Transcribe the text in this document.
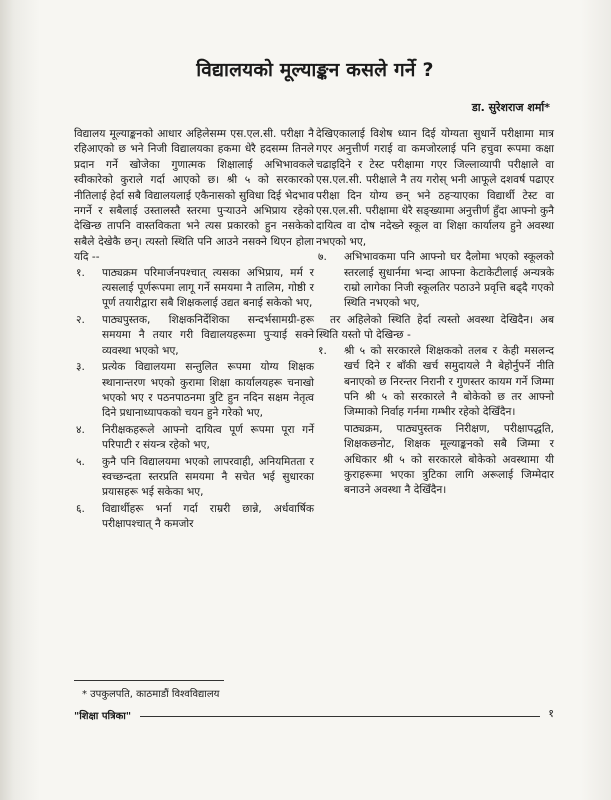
विद्यालयको मूल्याङ्कन कसले गर्ने ?
डा. सुरेशराज शर्मा*

विद्यालय मूल्याङ्कनको आधार अहिलेसम्म एस.एल.सी. परीक्षा नै रहिआएको छ भने निजी विद्यालयका हकमा धेरै हदसम्म तिनले प्रदान गर्ने खोजेका गुणात्मक शिक्षालाई अभिभावकले स्वीकारेको कुराले गर्दा आएको छ। श्री ५ को सरकारको नीतिलाई हेर्दा सबै विद्यालयलाई एकैनासको सुविधा दिई भेदभाव नगर्ने र सबैलाई उस्तालस्तै स्तरमा पुऱ्याउने अभिप्राय रहेको देखिन्छ तापनि वास्तविकता भने त्यस प्रकारको हुन नसकेको सबैले देखेकै छन्। त्यस्तो स्थिति पनि आउने नसक्ने थिएन होला यदि --

१. पाठ्यक्रम परिमार्जनपश्चात् त्यसका अभिप्राय, मर्म र त्यसलाई पूर्णरूपमा लागू गर्ने समयमा नै तालिम, गोष्ठी र पूर्ण तयारीद्वारा सबै शिक्षकलाई उद्यत बनाई सकेको भए,
२. पाठ्यपुस्तक, शिक्षकनिर्देशिका सन्दर्भसामग्री-हरू समयमा नै तयार गरी विद्यालयहरूमा पुऱ्याई सक्ने व्यवस्था भएको भए,
३. प्रत्येक विद्यालयमा सन्तुलित रूपमा योग्य शिक्षक स्थानान्तरण भएको कुरामा शिक्षा कार्यालयहरू चनाखो भएको भए र पठनपाठनमा त्रुटि हुन नदिन सक्षम नेतृत्व दिने प्रधानाध्यापकको चयन हुने गरेको भए,
४. निरीक्षकहरूले आफ्नो दायित्व पूर्ण रूपमा पूरा गर्ने परिपाटी र संयन्त्र रहेको भए,
५. कुनै पनि विद्यालयमा भएको लापरवाही, अनियमितता र स्वच्छन्दता स्तरप्रति समयमा नै सचेत भई सुधारका प्रयासहरू भई सकेका भए,
६. विद्यार्थीहरू भर्ना गर्दा राम्ररी छान्ने, अर्धवार्षिक परीक्षापश्चात् नै कमजोर

देखिएकालाई विशेष ध्यान दिई योग्यता सुधार्ने परीक्षामा मात्र गएर अनुत्तीर्ण गराई वा कमजोरलाई पनि हचुवा रूपमा कक्षा चढाइदिने र टेस्ट परीक्षामा गएर जिल्लाव्यापी परीक्षाले वा एस.एल.सी. परीक्षाले नै तय गरोस् भनी आफूले दशवर्ष पढाएर परीक्षा दिन योग्य छन् भने ठहऱ्याएका विद्यार्थी टेस्ट वा एस.एल.सी. परीक्षामा धेरै सङ्ख्यामा अनुत्तीर्ण हुँदा आफ्नो कुनै दायित्व वा दोष नदेख्ने स्कूल वा शिक्षा कार्यालय हुने अवस्था नभएको भए,

७. अभिभावकमा पनि आफ्नो घर दैलोमा भएको स्कूलको स्तरलाई सुधार्नमा भन्दा आफ्ना केटाकेटीलाई अन्यत्रके राम्रो लागेका निजी स्कूलतिर पठाउने प्रवृत्ति बढ्दै गएको स्थिति नभएको भए,

तर अहिलेको स्थिति हेर्दा त्यस्तो अवस्था देखिदैन। अब स्थिति यस्तो पो देखिन्छ -

१. श्री ५ को सरकारले शिक्षकको तलब र केही मसलन्द खर्च दिने र बाँकी खर्च समुदायले नै बेहोर्नुपर्ने नीति बनाएको छ निरन्तर निरानी र गुणस्तर कायम गर्ने जिम्मा पनि श्री ५ को सरकारले नै बोकेको छ तर आफ्नो जिम्माको निर्वाह गर्नमा गम्भीर रहेको देखिँदैन।

पाठ्यक्रम, पाठ्यपुस्तक निरीक्षण, परीक्षापद्धति, शिक्षकछनोट, शिक्षक मूल्याङ्कनको सबै जिम्मा र अधिकार श्री ५ को सरकारले बोकेको अवस्थामा यी कुराहरूमा भएका त्रुटिका लागि अरूलाई जिम्मेदार बनाउने अवस्था नै देखिँदैन।

* उपकुलपति, काठमाडौं विश्वविद्यालय
"शिक्षा पत्रिका"	१
